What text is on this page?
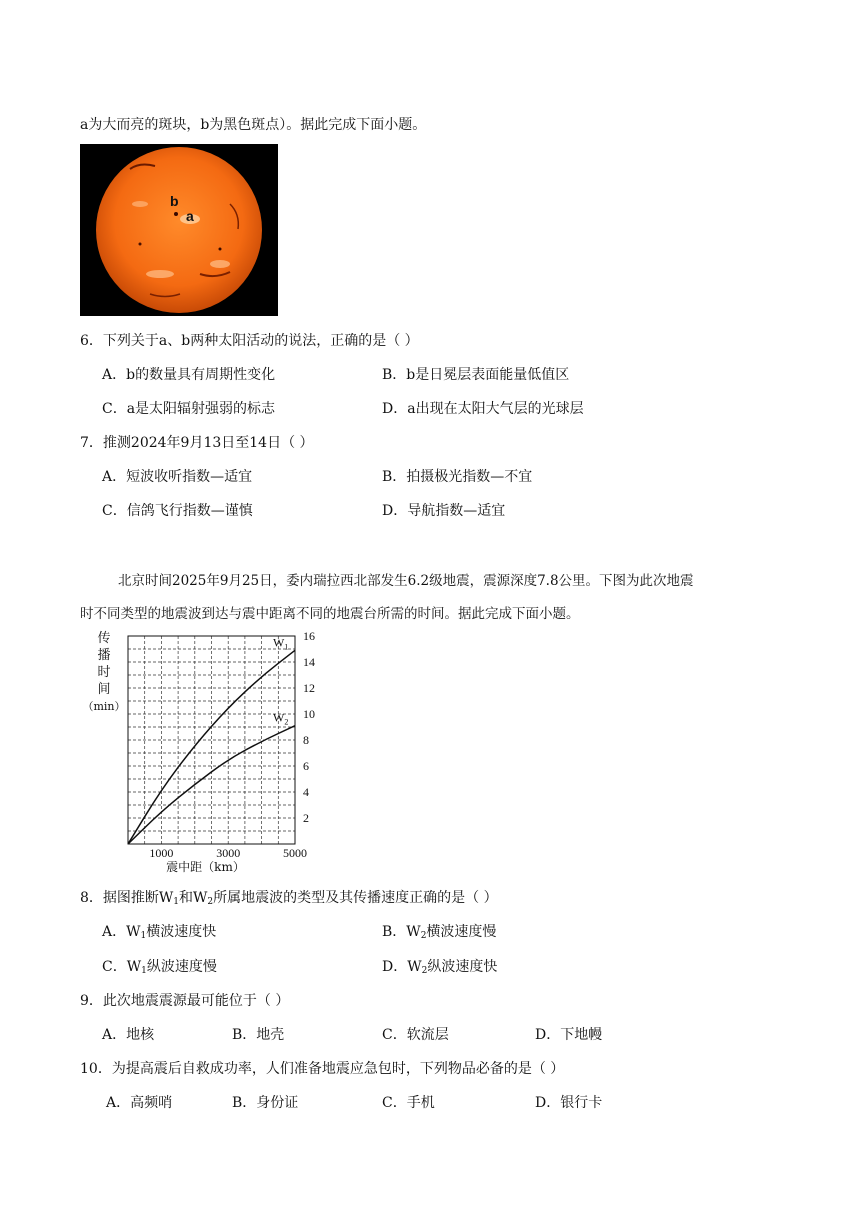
a为大而亮的斑块，b为黑色斑点）。据此完成下面小题。
b
a
6．下列关于a、b两种太阳活动的说法，正确的是（ ）
A．b的数量具有周期性变化	B．b是日冕层表面能量低值区
C．a是太阳辐射强弱的标志	D．a出现在太阳大气层的光球层
7．推测2024年9月13日至14日（ ）
A．短波收听指数—适宜	B．拍摄极光指数—不宜
C．信鸽飞行指数—谨慎	D．导航指数—适宜
北京时间2025年9月25日，委内瑞拉西北部发生6.2级地震，震源深度7.8公里。下图为此次地震
时不同类型的地震波到达与震中距离不同的地震台所需的时间。据此完成下面小题。
2
4
6
8
10
12
14
16
1000	3000	5000
震中距（km）
传
播
时
间
（min）
$W_1$
$W_2$
8．据图推断$W_1$和$W_2$所属地震波的类型及其传播速度正确的是（ ）
A．$W_1$横波速度快	B．$W_2$横波速度慢
C．$W_1$纵波速度慢	D．$W_2$纵波速度快
9．此次地震震源最可能位于（ ）
A．地核	B．地壳	C．软流层	D．下地幔
10．为提高震后自救成功率，人们准备地震应急包时，下列物品必备的是（ ）
A．高频哨	B．身份证	C．手机	D．银行卡
